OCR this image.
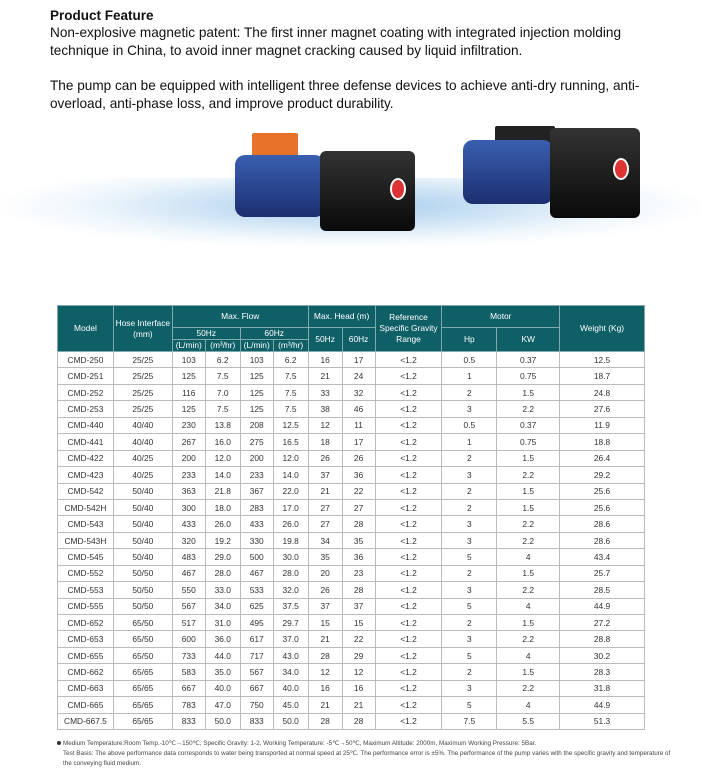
Product Feature

Non-explosive magnetic patent: The first inner magnet coating with integrated injection molding technique in China, to avoid inner magnet cracking caused by liquid infiltration.

The pump can be equipped with intelligent three defense devices to achieve anti-dry running, anti-overload, anti-phase loss, and improve product durability.

Model	Hose Interface (mm)	Max. Flow				Max. Head (m)		Reference Specific Gravity Range	Motor		Weight (Kg)
		50Hz		60Hz		50Hz	60Hz		Hp	KW	
		(L/min)	(m³/hr)	(L/min)	(m³/hr)						
CMD-250	25/25	103	6.2	103	6.2	16	17	<1.2	0.5	0.37	12.5
CMD-251	25/25	125	7.5	125	7.5	21	24	<1.2	1	0.75	18.7
CMD-252	25/25	116	7.0	125	7.5	33	32	<1.2	2	1.5	24.8
CMD-253	25/25	125	7.5	125	7.5	38	46	<1.2	3	2.2	27.6
CMD-440	40/40	230	13.8	208	12.5	12	11	<1.2	0.5	0.37	11.9
CMD-441	40/40	267	16.0	275	16.5	18	17	<1.2	1	0.75	18.8
CMD-422	40/25	200	12.0	200	12.0	26	26	<1.2	2	1.5	26.4
CMD-423	40/25	233	14.0	233	14.0	37	36	<1.2	3	2.2	29.2
CMD-542	50/40	363	21.8	367	22.0	21	22	<1.2	2	1.5	25.6
CMD-542H	50/40	300	18.0	283	17.0	27	27	<1.2	2	1.5	25.6
CMD-543	50/40	433	26.0	433	26.0	27	28	<1.2	3	2.2	28.6
CMD-543H	50/40	320	19.2	330	19.8	34	35	<1.2	3	2.2	28.6
CMD-545	50/40	483	29.0	500	30.0	35	36	<1.2	5	4	43.4
CMD-552	50/50	467	28.0	467	28.0	20	23	<1.2	2	1.5	25.7
CMD-553	50/50	550	33.0	533	32.0	26	28	<1.2	3	2.2	28.5
CMD-555	50/50	567	34.0	625	37.5	37	37	<1.2	5	4	44.9
CMD-652	65/50	517	31.0	495	29.7	15	15	<1.2	2	1.5	27.2
CMD-653	65/50	600	36.0	617	37.0	21	22	<1.2	3	2.2	28.8
CMD-655	65/50	733	44.0	717	43.0	28	29	<1.2	5	4	30.2
CMD-662	65/65	583	35.0	567	34.0	12	12	<1.2	2	1.5	28.3
CMD-663	65/65	667	40.0	667	40.0	16	16	<1.2	3	2.2	31.8
CMD-665	65/65	783	47.0	750	45.0	21	21	<1.2	5	4	44.9
CMD-667.5	65/65	833	50.0	833	50.0	28	28	<1.2	7.5	5.5	51.3
Medium Temperature:Room Temp.-10℃→150℃, Specific Gravity: 1-2, Working Temperature: -5℃→50℃, Maximum Altitude: 2000m, Maximum Working Pressure: 5Bar.
Test Basis: The above performance data corresponds to water being transported at normal speed at 25℃. The performance error is ±5%. The performance of the pump varies with the specific gravity and temperature of the conveying fluid medium.
